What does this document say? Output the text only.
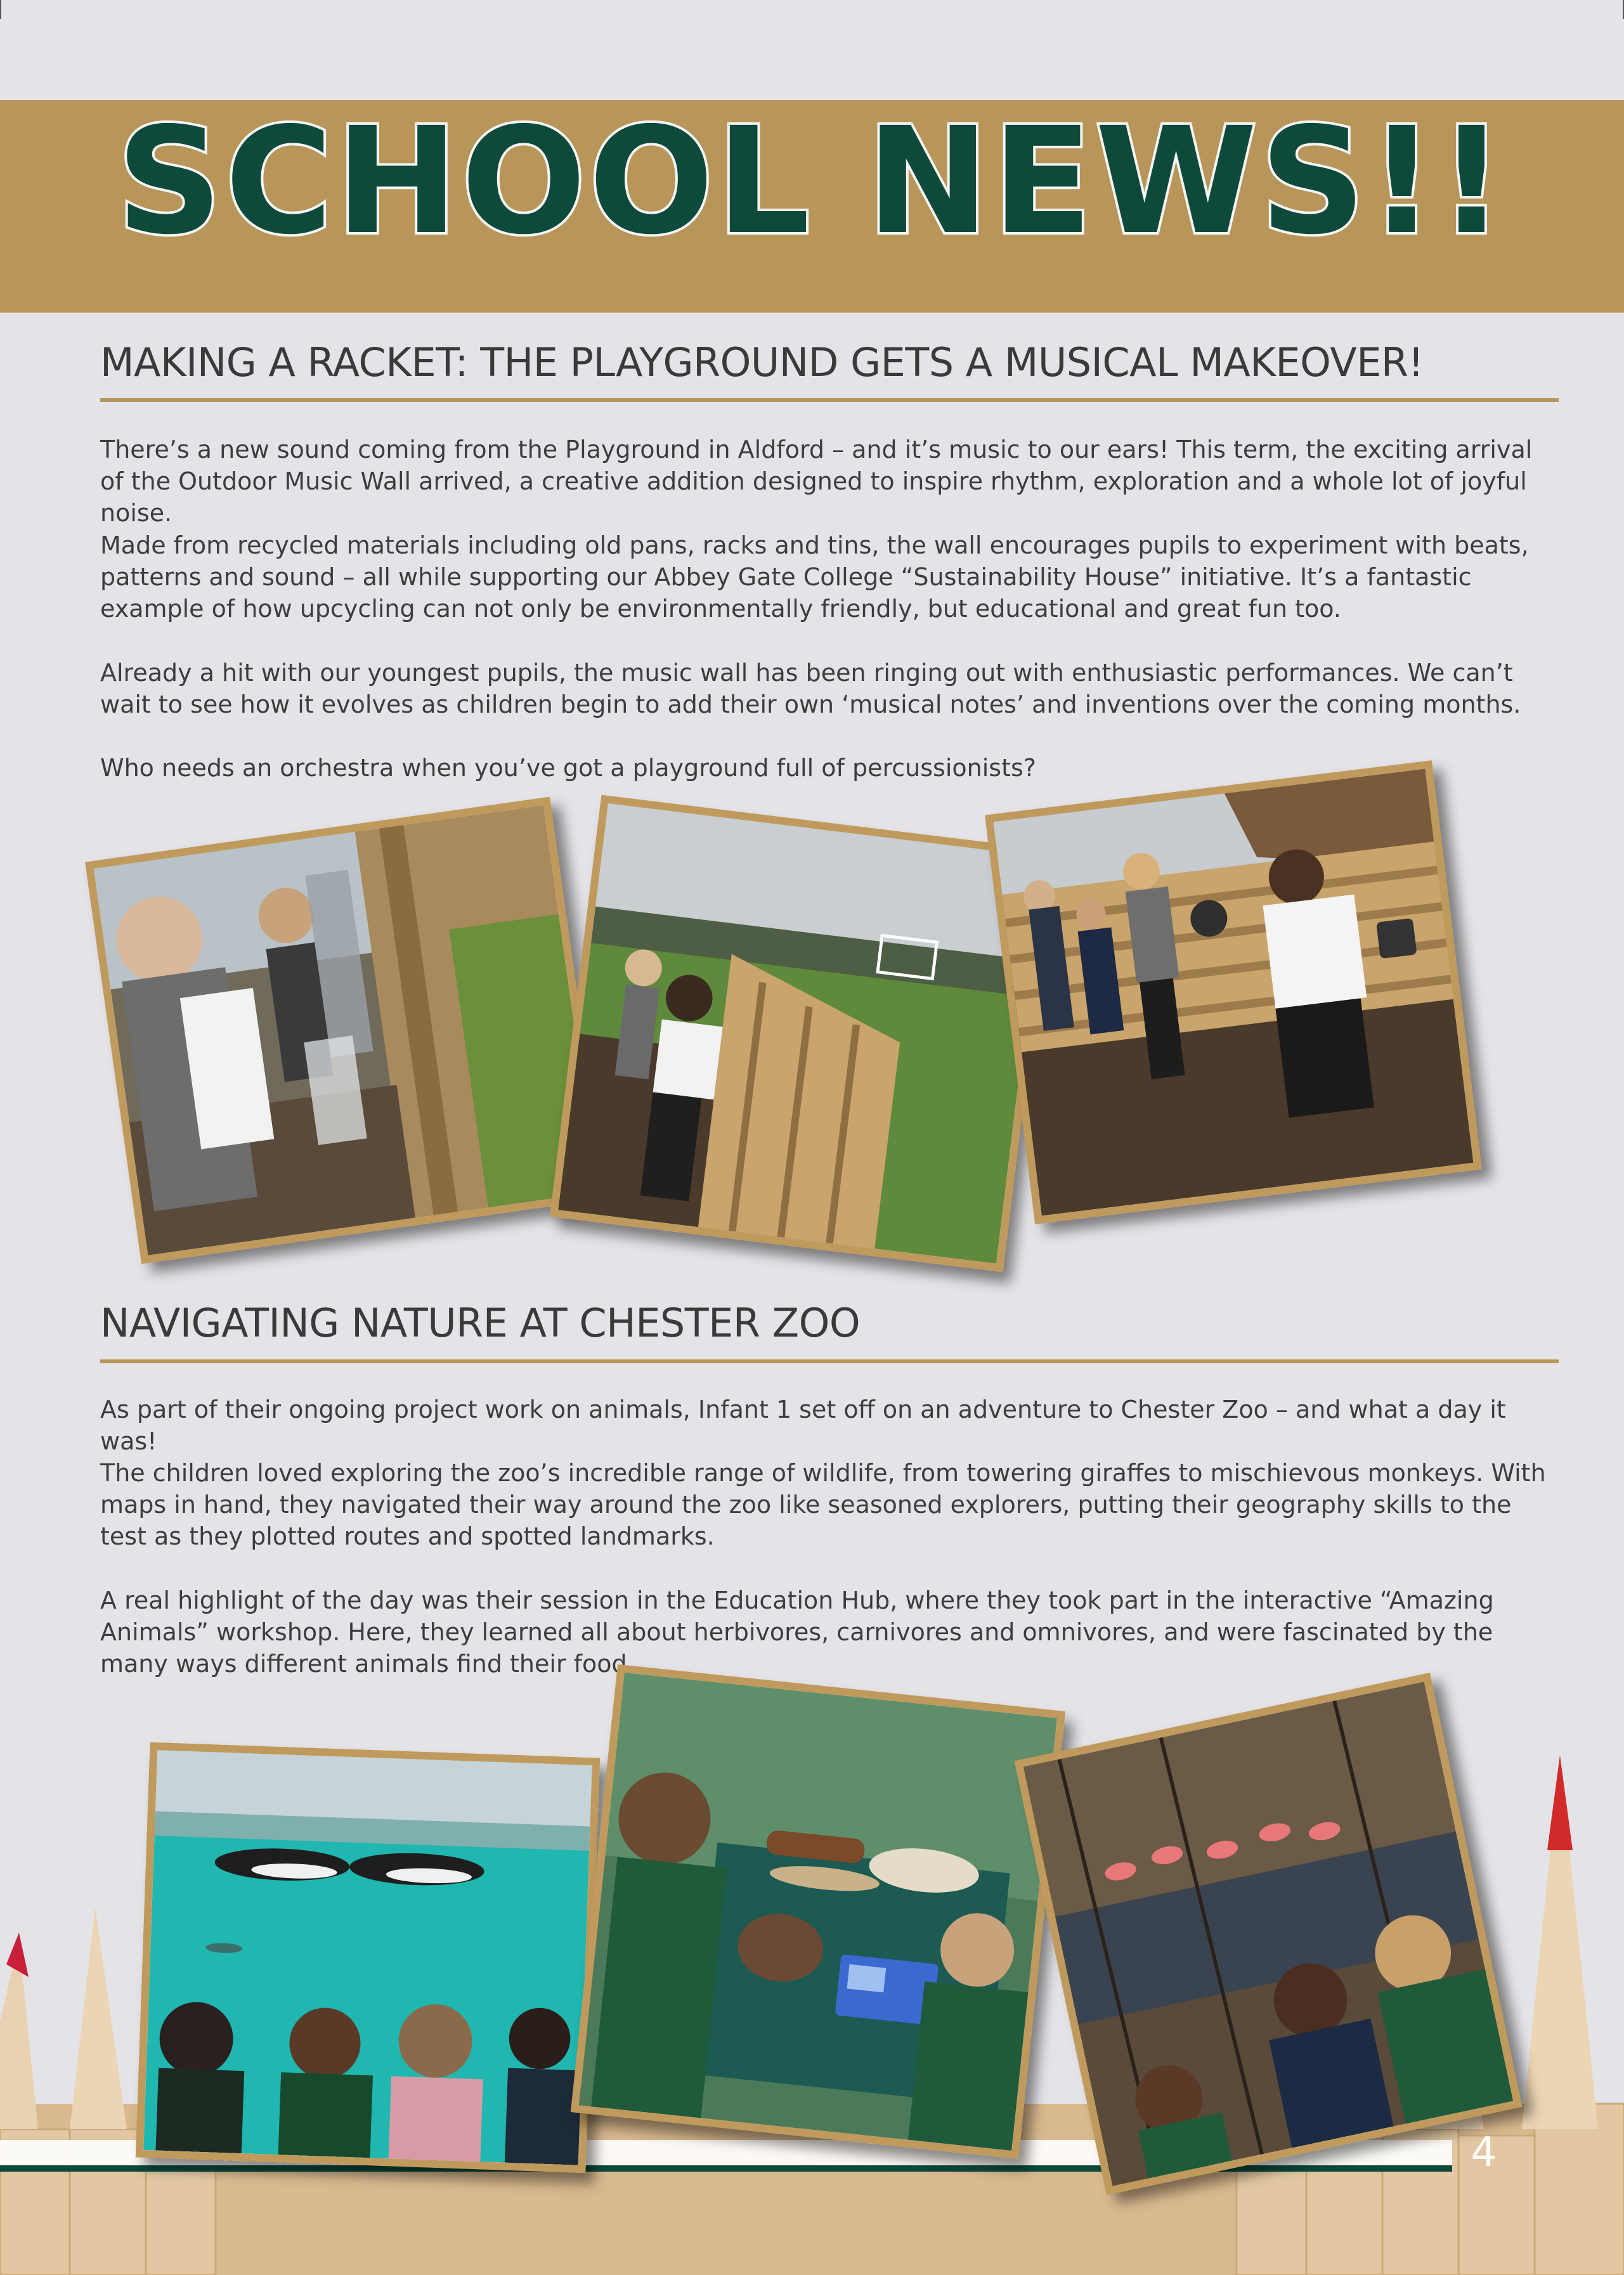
SCHOOL NEWS!!
MAKING A RACKET: THE PLAYGROUND GETS A MUSICAL MAKEOVER!

There’s a new sound coming from the Playground in Aldford – and it’s music to our ears! This term, the exciting arrival of the Outdoor Music Wall arrived, a creative addition designed to inspire rhythm, exploration and a whole lot of joyful noise.

Made from recycled materials including old pans, racks and tins, the wall encourages pupils to experiment with beats, patterns and sound – all while supporting our Abbey Gate College “Sustainability House” initiative. It’s a fantastic example of how upcycling can not only be environmentally friendly, but educational and great fun too.

Already a hit with our youngest pupils, the music wall has been ringing out with enthusiastic performances. We can’t wait to see how it evolves as children begin to add their own ‘musical notes’ and inventions over the coming months.

Who needs an orchestra when you’ve got a playground full of percussionists?

NAVIGATING NATURE AT CHESTER ZOO

As part of their ongoing project work on animals, Infant 1 set off on an adventure to Chester Zoo – and what a day it was!

The children loved exploring the zoo’s incredible range of wildlife, from towering giraffes to mischievous monkeys. With maps in hand, they navigated their way around the zoo like seasoned explorers, putting their geography skills to the test as they plotted routes and spotted landmarks.

A real highlight of the day was their session in the Education Hub, where they took part in the interactive “Amazing Animals” workshop. Here, they learned all about herbivores, carnivores and omnivores, and were fascinated by the many ways different animals find their food.

4
